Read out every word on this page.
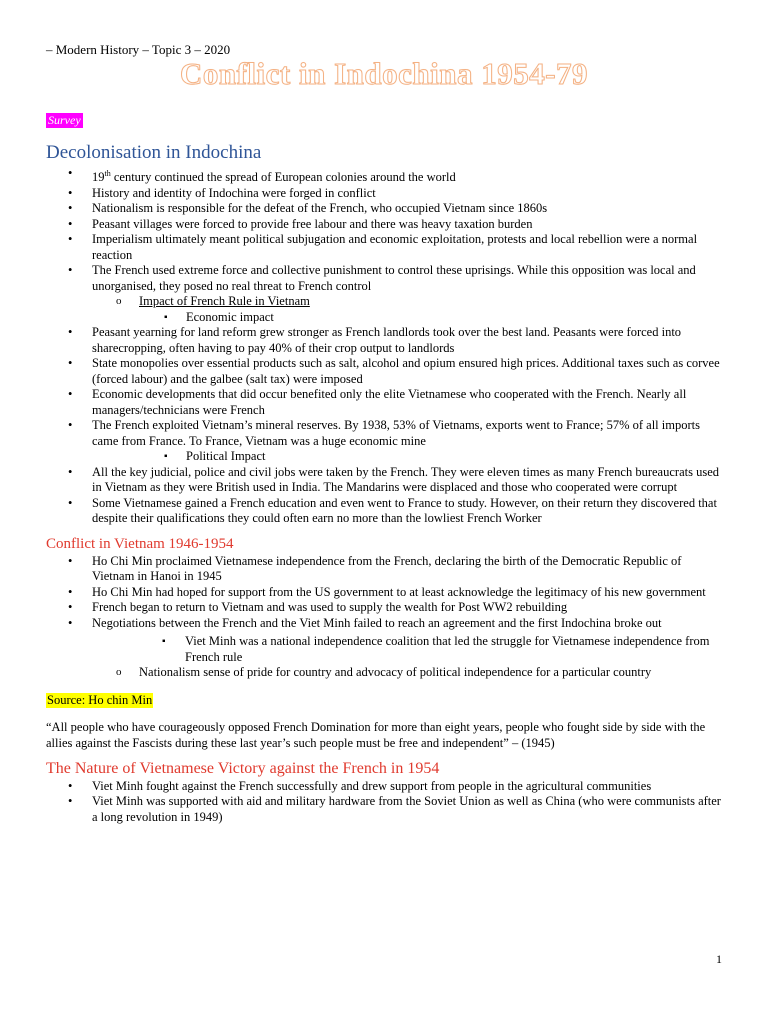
– Modern History – Topic 3 – 2020
Conflict in Indochina 1954-79
Survey
Decolonisation in Indochina
• 19th century continued the spread of European colonies around the world
• History and identity of Indochina were forged in conflict
• Nationalism is responsible for the defeat of the French, who occupied Vietnam since 1860s
• Peasant villages were forced to provide free labour and there was heavy taxation burden
• Imperialism ultimately meant political subjugation and economic exploitation, protests and local rebellion were a normal reaction
• The French used extreme force and collective punishment to control these uprisings. While this opposition was local and unorganised, they posed no real threat to French control
o Impact of French Rule in Vietnam
▪ Economic impact
• Peasant yearning for land reform grew stronger as French landlords took over the best land. Peasants were forced into sharecropping, often having to pay 40% of their crop output to landlords
• State monopolies over essential products such as salt, alcohol and opium ensured high prices. Additional taxes such as corvee (forced labour) and the galbee (salt tax) were imposed
• Economic developments that did occur benefited only the elite Vietnamese who cooperated with the French. Nearly all managers/technicians were French
• The French exploited Vietnam’s mineral reserves. By 1938, 53% of Vietnams, exports went to France; 57% of all imports came from France. To France, Vietnam was a huge economic mine
▪ Political Impact
• All the key judicial, police and civil jobs were taken by the French. They were eleven times as many French bureaucrats used in Vietnam as they were British used in India. The Mandarins were displaced and those who cooperated were corrupt
• Some Vietnamese gained a French education and even went to France to study. However, on their return they discovered that despite their qualifications they could often earn no more than the lowliest French Worker
Conflict in Vietnam 1946-1954
• Ho Chi Min proclaimed Vietnamese independence from the French, declaring the birth of the Democratic Republic of Vietnam in Hanoi in 1945
• Ho Chi Min had hoped for support from the US government to at least acknowledge the legitimacy of his new government
• French began to return to Vietnam and was used to supply the wealth for Post WW2 rebuilding
• Negotiations between the French and the Viet Minh failed to reach an agreement and the first Indochina broke out
▪ Viet Minh was a national independence coalition that led the struggle for Vietnamese independence from French rule
o Nationalism sense of pride for country and advocacy of political independence for a particular country
Source: Ho chin Min

“All people who have courageously opposed French Domination for more than eight years, people who fought side by side with the allies against the Fascists during these last year’s such people must be free and independent” – (1945)

The Nature of Vietnamese Victory against the French in 1954
• Viet Minh fought against the French successfully and drew support from people in the agricultural communities
• Viet Minh was supported with aid and military hardware from the Soviet Union as well as China (who were communists after a long revolution in 1949)
1
